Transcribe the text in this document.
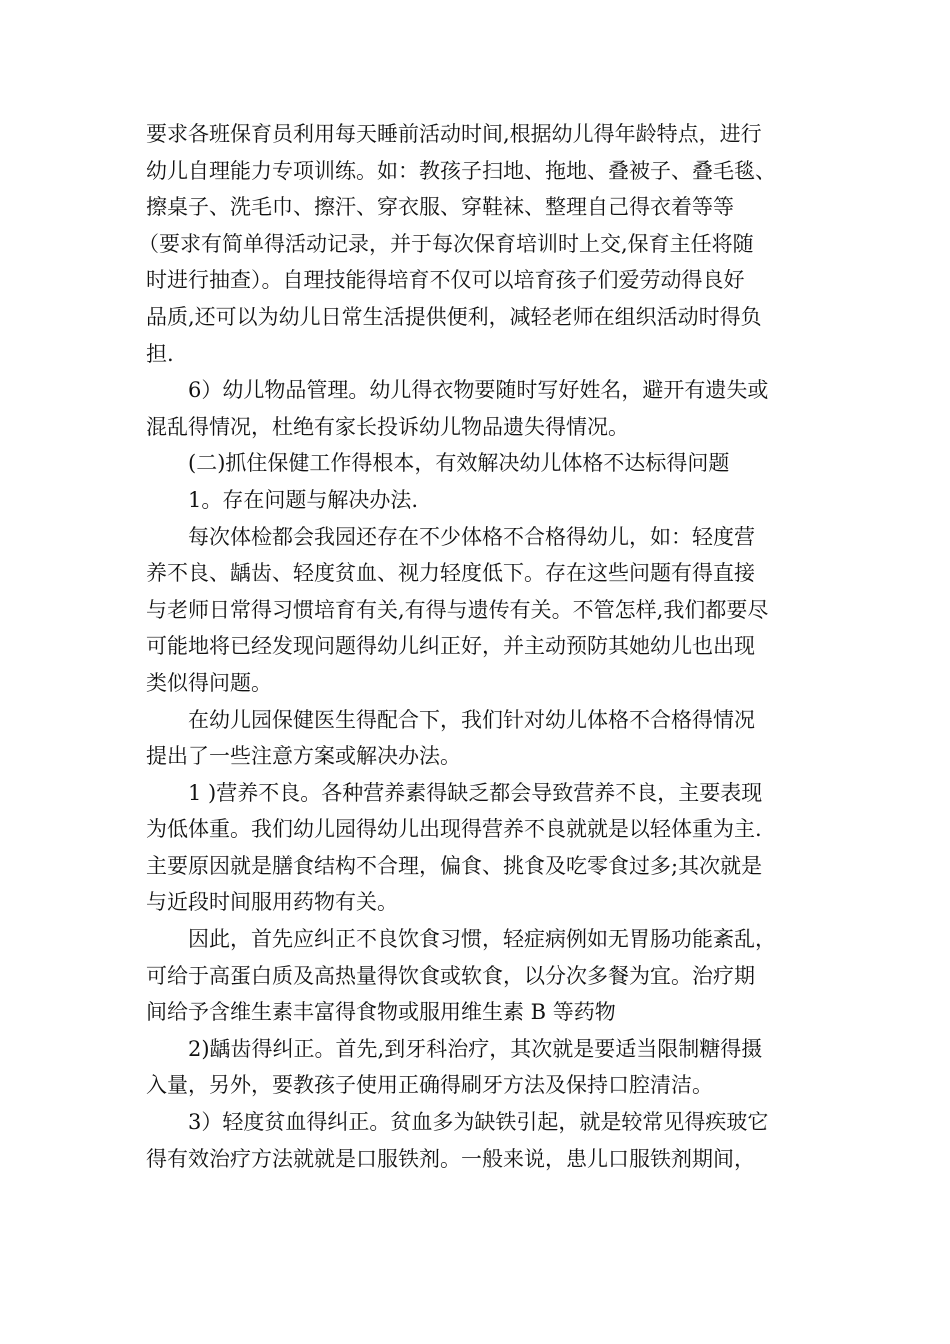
要求各班保育员利用每天睡前活动时间,根据幼儿得年龄特点，进行
幼儿自理能力专项训练。如：教孩子扫地、拖地、叠被子、叠毛毯、
擦桌子、洗毛巾、擦汗、穿衣服、穿鞋袜、整理自己得衣着等等
（要求有简单得活动记录，并于每次保育培训时上交,保育主任将随
时进行抽查）。自理技能得培育不仅可以培育孩子们爱劳动得良好
品质,还可以为幼儿日常生活提供便利，减轻老师在组织活动时得负
担.

6）幼儿物品管理。幼儿得衣物要随时写好姓名，避开有遗失或
混乱得情况，杜绝有家长投诉幼儿物品遗失得情况。

(二)抓住保健工作得根本，有效解决幼儿体格不达标得问题

1。存在问题与解决办法.

每次体检都会我园还存在不少体格不合格得幼儿，如：轻度营
养不良、龋齿、轻度贫血、视力轻度低下。存在这些问题有得直接
与老师日常得习惯培育有关,有得与遗传有关。不管怎样,我们都要尽
可能地将已经发现问题得幼儿纠正好，并主动预防其她幼儿也出现
类似得问题。

在幼儿园保健医生得配合下，我们针对幼儿体格不合格得情况
提出了一些注意方案或解决办法。

1 )营养不良。各种营养素得缺乏都会导致营养不良，主要表现
为低体重。我们幼儿园得幼儿出现得营养不良就就是以轻体重为主.
主要原因就是膳食结构不合理，偏食、挑食及吃零食过多;其次就是
与近段时间服用药物有关。

因此，首先应纠正不良饮食习惯，轻症病例如无胃肠功能紊乱，
可给于高蛋白质及高热量得饮食或软食，以分次多餐为宜。治疗期
间给予含维生素丰富得食物或服用维生素 B 等药物

2)龋齿得纠正。首先,到牙科治疗，其次就是要适当限制糖得摄
入量，另外，要教孩子使用正确得刷牙方法及保持口腔清洁。

3）轻度贫血得纠正。贫血多为缺铁引起，就是较常见得疾玻它
得有效治疗方法就就是口服铁剂。一般来说，患儿口服铁剂期间，
